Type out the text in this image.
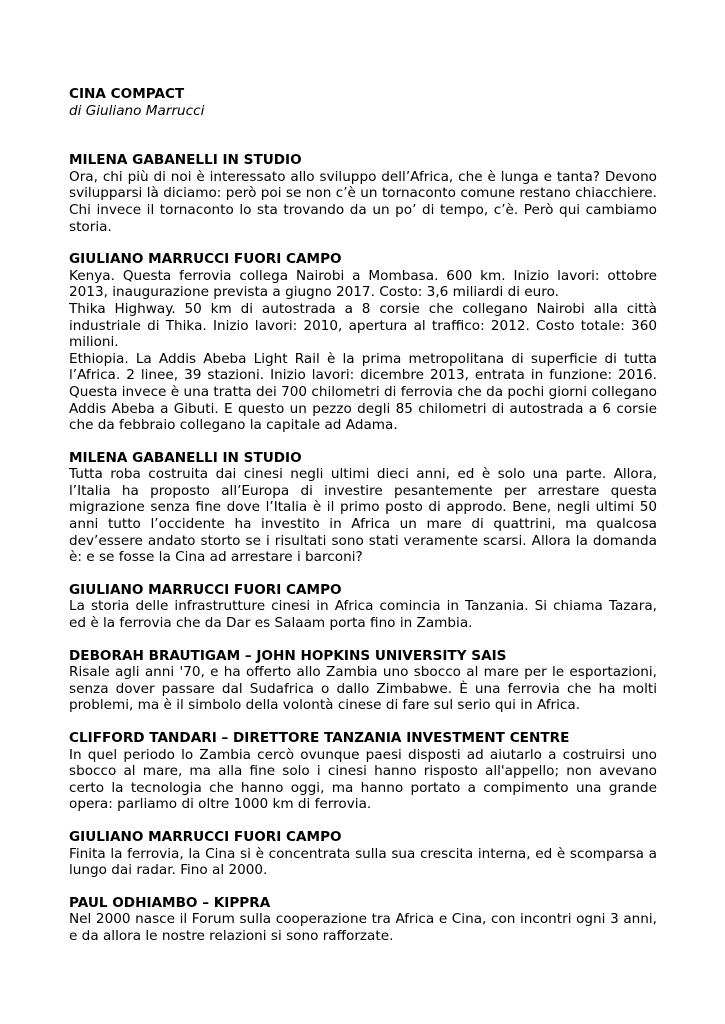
CINA COMPACT
di Giuliano Marrucci
MILENA GABANELLI IN STUDIO
Ora, chi più di noi è interessato allo sviluppo dell’Africa, che è lunga e tanta? Devono svilupparsi là diciamo: però poi se non c’è un tornaconto comune restano chiacchiere. Chi invece il tornaconto lo sta trovando da un po’ di tempo, c’è. Però qui cambiamo storia.
GIULIANO MARRUCCI FUORI CAMPO
Kenya. Questa ferrovia collega Nairobi a Mombasa. 600 km. Inizio lavori: ottobre 2013, inaugurazione prevista a giugno 2017. Costo: 3,6 miliardi di euro.
Thika Highway. 50 km di autostrada a 8 corsie che collegano Nairobi alla città industriale di Thika. Inizio lavori: 2010, apertura al traffico: 2012. Costo totale: 360 milioni.
Ethiopia. La Addis Abeba Light Rail è la prima metropolitana di superficie di tutta l’Africa. 2 linee, 39 stazioni. Inizio lavori: dicembre 2013, entrata in funzione: 2016. Questa invece è una tratta dei 700 chilometri di ferrovia che da pochi giorni collegano Addis Abeba a Gibuti. E questo un pezzo degli 85 chilometri di autostrada a 6 corsie che da febbraio collegano la capitale ad Adama.
MILENA GABANELLI IN STUDIO
Tutta roba costruita dai cinesi negli ultimi dieci anni, ed è solo una parte. Allora, l’Italia ha proposto all’Europa di investire pesantemente per arrestare questa migrazione senza fine dove l’Italia è il primo posto di approdo. Bene, negli ultimi 50 anni tutto l’occidente ha investito in Africa un mare di quattrini, ma qualcosa dev’essere andato storto se i risultati sono stati veramente scarsi. Allora la domanda è: e se fosse la Cina ad arrestare i barconi?
GIULIANO MARRUCCI FUORI CAMPO
La storia delle infrastrutture cinesi in Africa comincia in Tanzania. Si chiama Tazara, ed è la ferrovia che da Dar es Salaam porta fino in Zambia.
DEBORAH BRAUTIGAM – JOHN HOPKINS UNIVERSITY SAIS
Risale agli anni '70, e ha offerto allo Zambia uno sbocco al mare per le esportazioni, senza dover passare dal Sudafrica o dallo Zimbabwe. È una ferrovia che ha molti problemi, ma è il simbolo della volontà cinese di fare sul serio qui in Africa.
CLIFFORD TANDARI – DIRETTORE TANZANIA INVESTMENT CENTRE
In quel periodo lo Zambia cercò ovunque paesi disposti ad aiutarlo a costruirsi uno sbocco al mare, ma alla fine solo i cinesi hanno risposto all'appello; non avevano certo la tecnologia che hanno oggi, ma hanno portato a compimento una grande opera: parliamo di oltre 1000 km di ferrovia.
GIULIANO MARRUCCI FUORI CAMPO
Finita la ferrovia, la Cina si è concentrata sulla sua crescita interna, ed è scomparsa a lungo dai radar. Fino al 2000.
PAUL ODHIAMBO – KIPPRA
Nel 2000 nasce il Forum sulla cooperazione tra Africa e Cina, con incontri ogni 3 anni, e da allora le nostre relazioni si sono rafforzate.
